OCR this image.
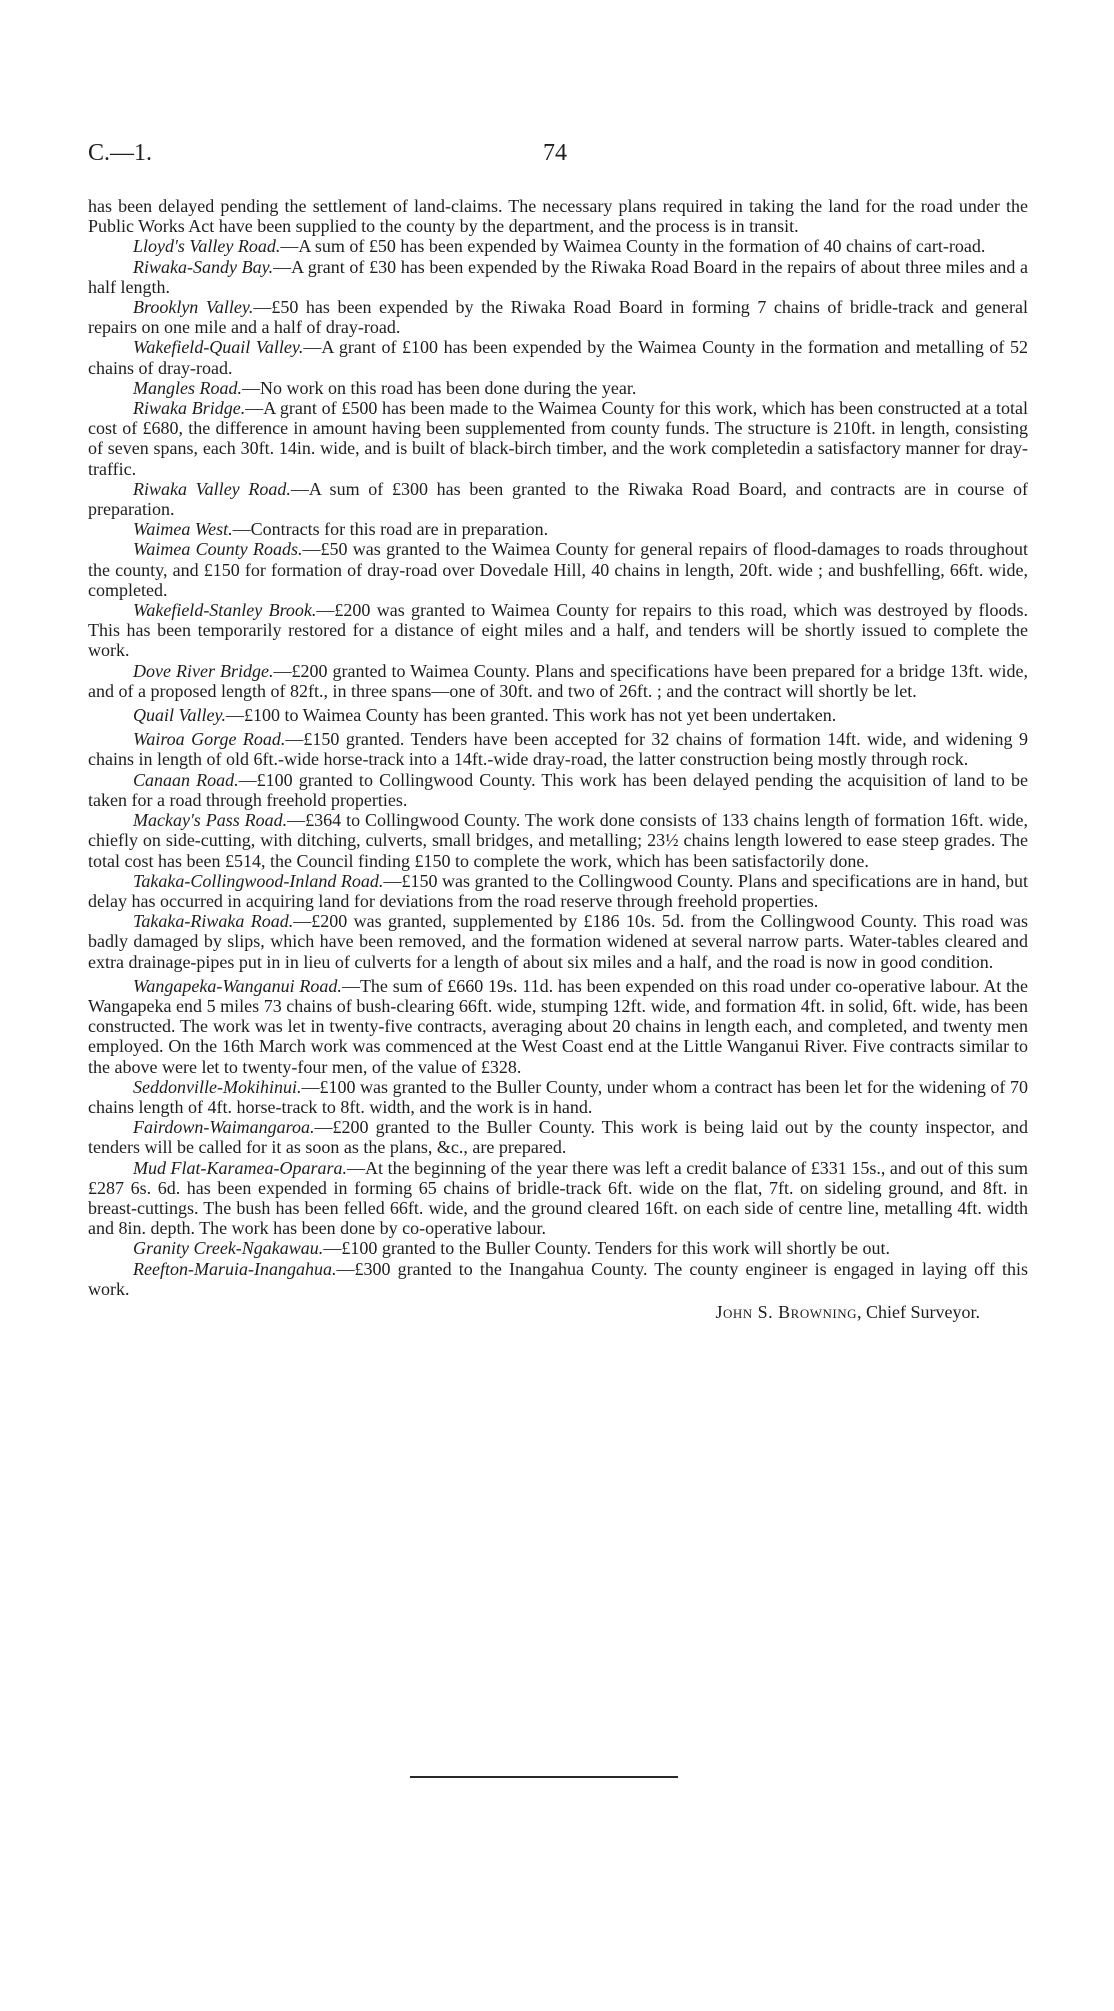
C.—1.	74

has been delayed pending the settlement of land-claims. The necessary plans required in taking the land for the road under the Public Works Act have been supplied to the county by the department, and the process is in transit.

Lloyd's Valley Road.—A sum of £50 has been expended by Waimea County in the formation of 40 chains of cart-road.

Riwaka-Sandy Bay.—A grant of £30 has been expended by the Riwaka Road Board in the repairs of about three miles and a half length.

Brooklyn Valley.—£50 has been expended by the Riwaka Road Board in forming 7 chains of bridle-track and general repairs on one mile and a half of dray-road.

Wakefield-Quail Valley.—A grant of £100 has been expended by the Waimea County in the formation and metalling of 52 chains of dray-road.

Mangles Road.—No work on this road has been done during the year.

Riwaka Bridge.—A grant of £500 has been made to the Waimea County for this work, which has been constructed at a total cost of £680, the difference in amount having been supplemented from county funds. The structure is 210ft. in length, consisting of seven spans, each 30ft. 14in. wide, and is built of black-birch timber, and the work completedin a satisfactory manner for dray-traffic.

Riwaka Valley Road.—A sum of £300 has been granted to the Riwaka Road Board, and contracts are in course of preparation.

Waimea West.—Contracts for this road are in preparation.

Waimea County Roads.—£50 was granted to the Waimea County for general repairs of flood-damages to roads throughout the county, and £150 for formation of dray-road over Dovedale Hill, 40 chains in length, 20ft. wide ; and bushfelling, 66ft. wide, completed.

Wakefield-Stanley Brook.—£200 was granted to Waimea County for repairs to this road, which was destroyed by floods. This has been temporarily restored for a distance of eight miles and a half, and tenders will be shortly issued to complete the work.

Dove River Bridge.—£200 granted to Waimea County. Plans and specifications have been prepared for a bridge 13ft. wide, and of a proposed length of 82ft., in three spans—one of 30ft. and two of 26ft. ; and the contract will shortly be let.

Quail Valley.—£100 to Waimea County has been granted. This work has not yet been undertaken.

Wairoa Gorge Road.—£150 granted. Tenders have been accepted for 32 chains of formation 14ft. wide, and widening 9 chains in length of old 6ft.-wide horse-track into a 14ft.-wide dray-road, the latter construction being mostly through rock.

Canaan Road.—£100 granted to Collingwood County. This work has been delayed pending the acquisition of land to be taken for a road through freehold properties.

Mackay's Pass Road.—£364 to Collingwood County. The work done consists of 133 chains length of formation 16ft. wide, chiefly on side-cutting, with ditching, culverts, small bridges, and metalling; 23½ chains length lowered to ease steep grades. The total cost has been £514, the Council finding £150 to complete the work, which has been satisfactorily done.

Takaka-Collingwood-Inland Road.—£150 was granted to the Collingwood County. Plans and specifications are in hand, but delay has occurred in acquiring land for deviations from the road reserve through freehold properties.

Takaka-Riwaka Road.—£200 was granted, supplemented by £186 10s. 5d. from the Collingwood County. This road was badly damaged by slips, which have been removed, and the formation widened at several narrow parts. Water-tables cleared and extra drainage-pipes put in in lieu of culverts for a length of about six miles and a half, and the road is now in good condition.

Wangapeka-Wanganui Road.—The sum of £660 19s. 11d. has been expended on this road under co-operative labour. At the Wangapeka end 5 miles 73 chains of bush-clearing 66ft. wide, stumping 12ft. wide, and formation 4ft. in solid, 6ft. wide, has been constructed. The work was let in twenty-five contracts, averaging about 20 chains in length each, and completed, and twenty men employed. On the 16th March work was commenced at the West Coast end at the Little Wanganui River. Five contracts similar to the above were let to twenty-four men, of the value of £328.

Seddonville-Mokihinui.—£100 was granted to the Buller County, under whom a contract has been let for the widening of 70 chains length of 4ft. horse-track to 8ft. width, and the work is in hand.

Fairdown-Waimangaroa.—£200 granted to the Buller County. This work is being laid out by the county inspector, and tenders will be called for it as soon as the plans, &c., are prepared.

Mud Flat-Karamea-Oparara.—At the beginning of the year there was left a credit balance of £331 15s., and out of this sum £287 6s. 6d. has been expended in forming 65 chains of bridle-track 6ft. wide on the flat, 7ft. on sideling ground, and 8ft. in breast-cuttings. The bush has been felled 66ft. wide, and the ground cleared 16ft. on each side of centre line, metalling 4ft. width and 8in. depth. The work has been done by co-operative labour.

Granity Creek-Ngakawau.—£100 granted to the Buller County. Tenders for this work will shortly be out.

Reefton-Maruia-Inangahua.—£300 granted to the Inangahua County. The county engineer is engaged in laying off this work.

John S. Browning, Chief Surveyor.
